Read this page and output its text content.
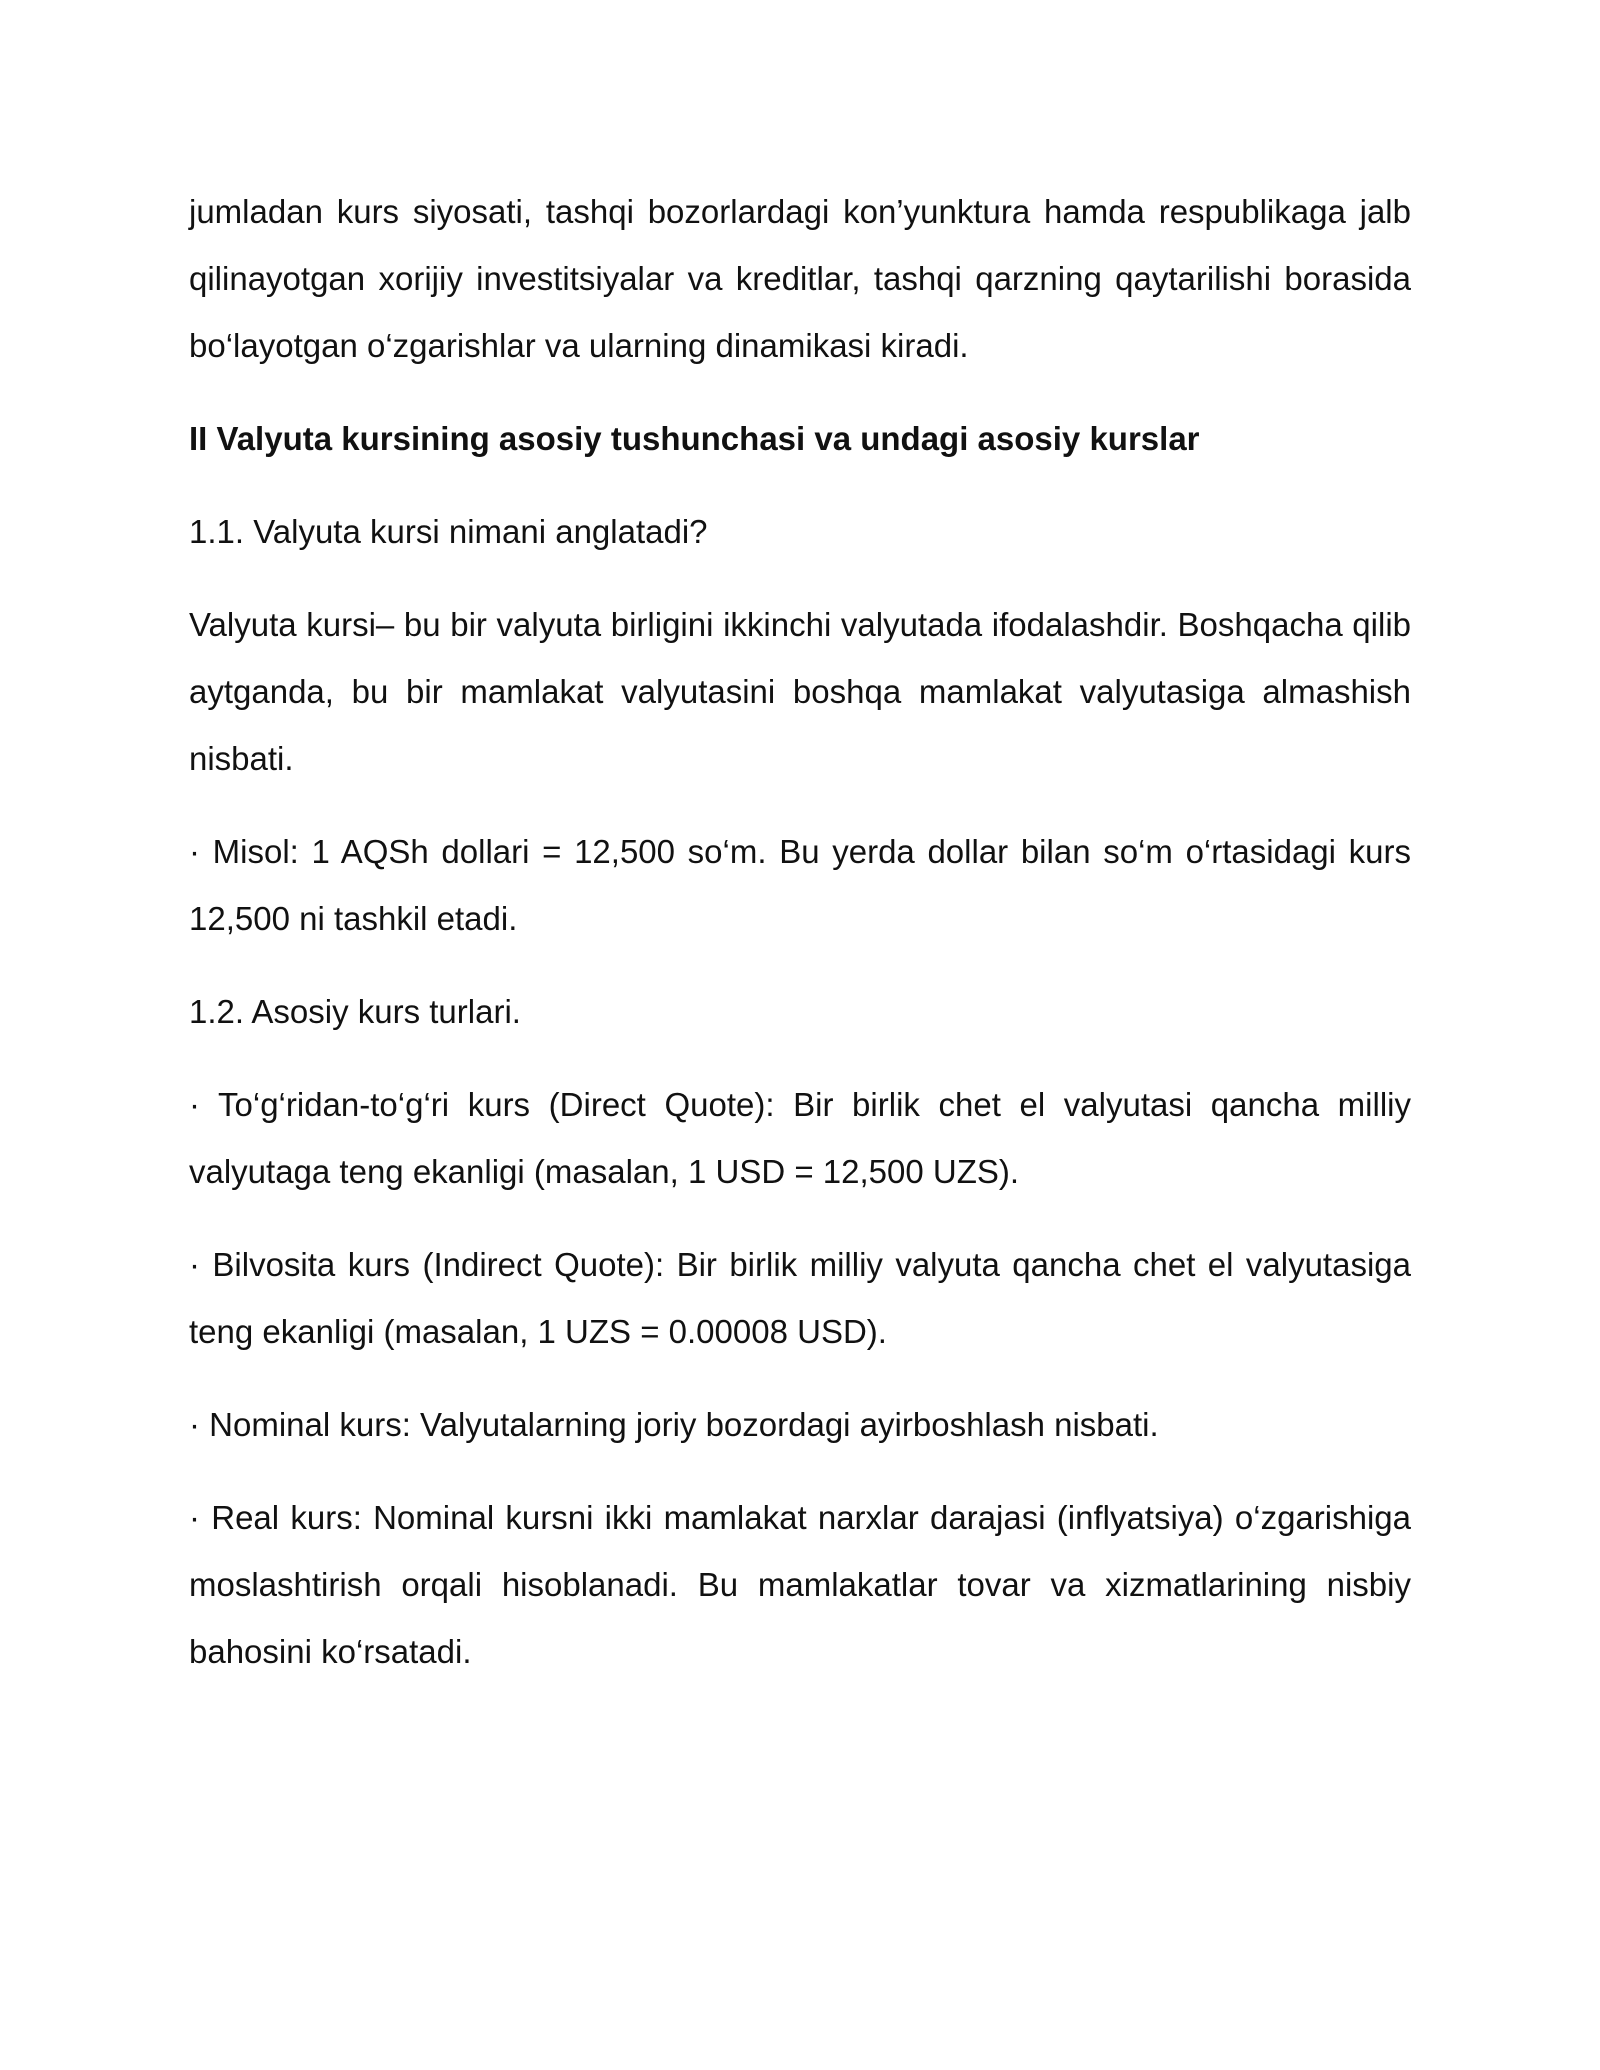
jumladan kurs siyosati, tashqi bozorlardagi kon’yunktura hamda respublikaga jalb qilinayotgan xorijiy investitsiyalar va kreditlar, tashqi qarzning qaytarilishi borasida bo‘layotgan o‘zgarishlar va ularning dinamikasi kiradi.

II Valyuta kursining asosiy tushunchasi va undagi asosiy kurslar

1.1. Valyuta kursi nimani anglatadi?

Valyuta kursi– bu bir valyuta birligini ikkinchi valyutada ifodalashdir. Boshqacha qilib aytganda, bu bir mamlakat valyutasini boshqa mamlakat valyutasiga almashish nisbati.

· Misol: 1 AQSh dollari = 12,500 so‘m. Bu yerda dollar bilan so‘m o‘rtasidagi kurs 12,500 ni tashkil etadi.

1.2. Asosiy kurs turlari.

· To‘g‘ridan-to‘g‘ri kurs (Direct Quote): Bir birlik chet el valyutasi qancha milliy valyutaga teng ekanligi (masalan, 1 USD = 12,500 UZS).

· Bilvosita kurs (Indirect Quote): Bir birlik milliy valyuta qancha chet el valyutasiga teng ekanligi (masalan, 1 UZS = 0.00008 USD).

· Nominal kurs: Valyutalarning joriy bozordagi ayirboshlash nisbati.

· Real kurs: Nominal kursni ikki mamlakat narxlar darajasi (inflyatsiya) o‘zgarishiga moslashtirish orqali hisoblanadi. Bu mamlakatlar tovar va xizmatlarining nisbiy bahosini ko‘rsatadi.
